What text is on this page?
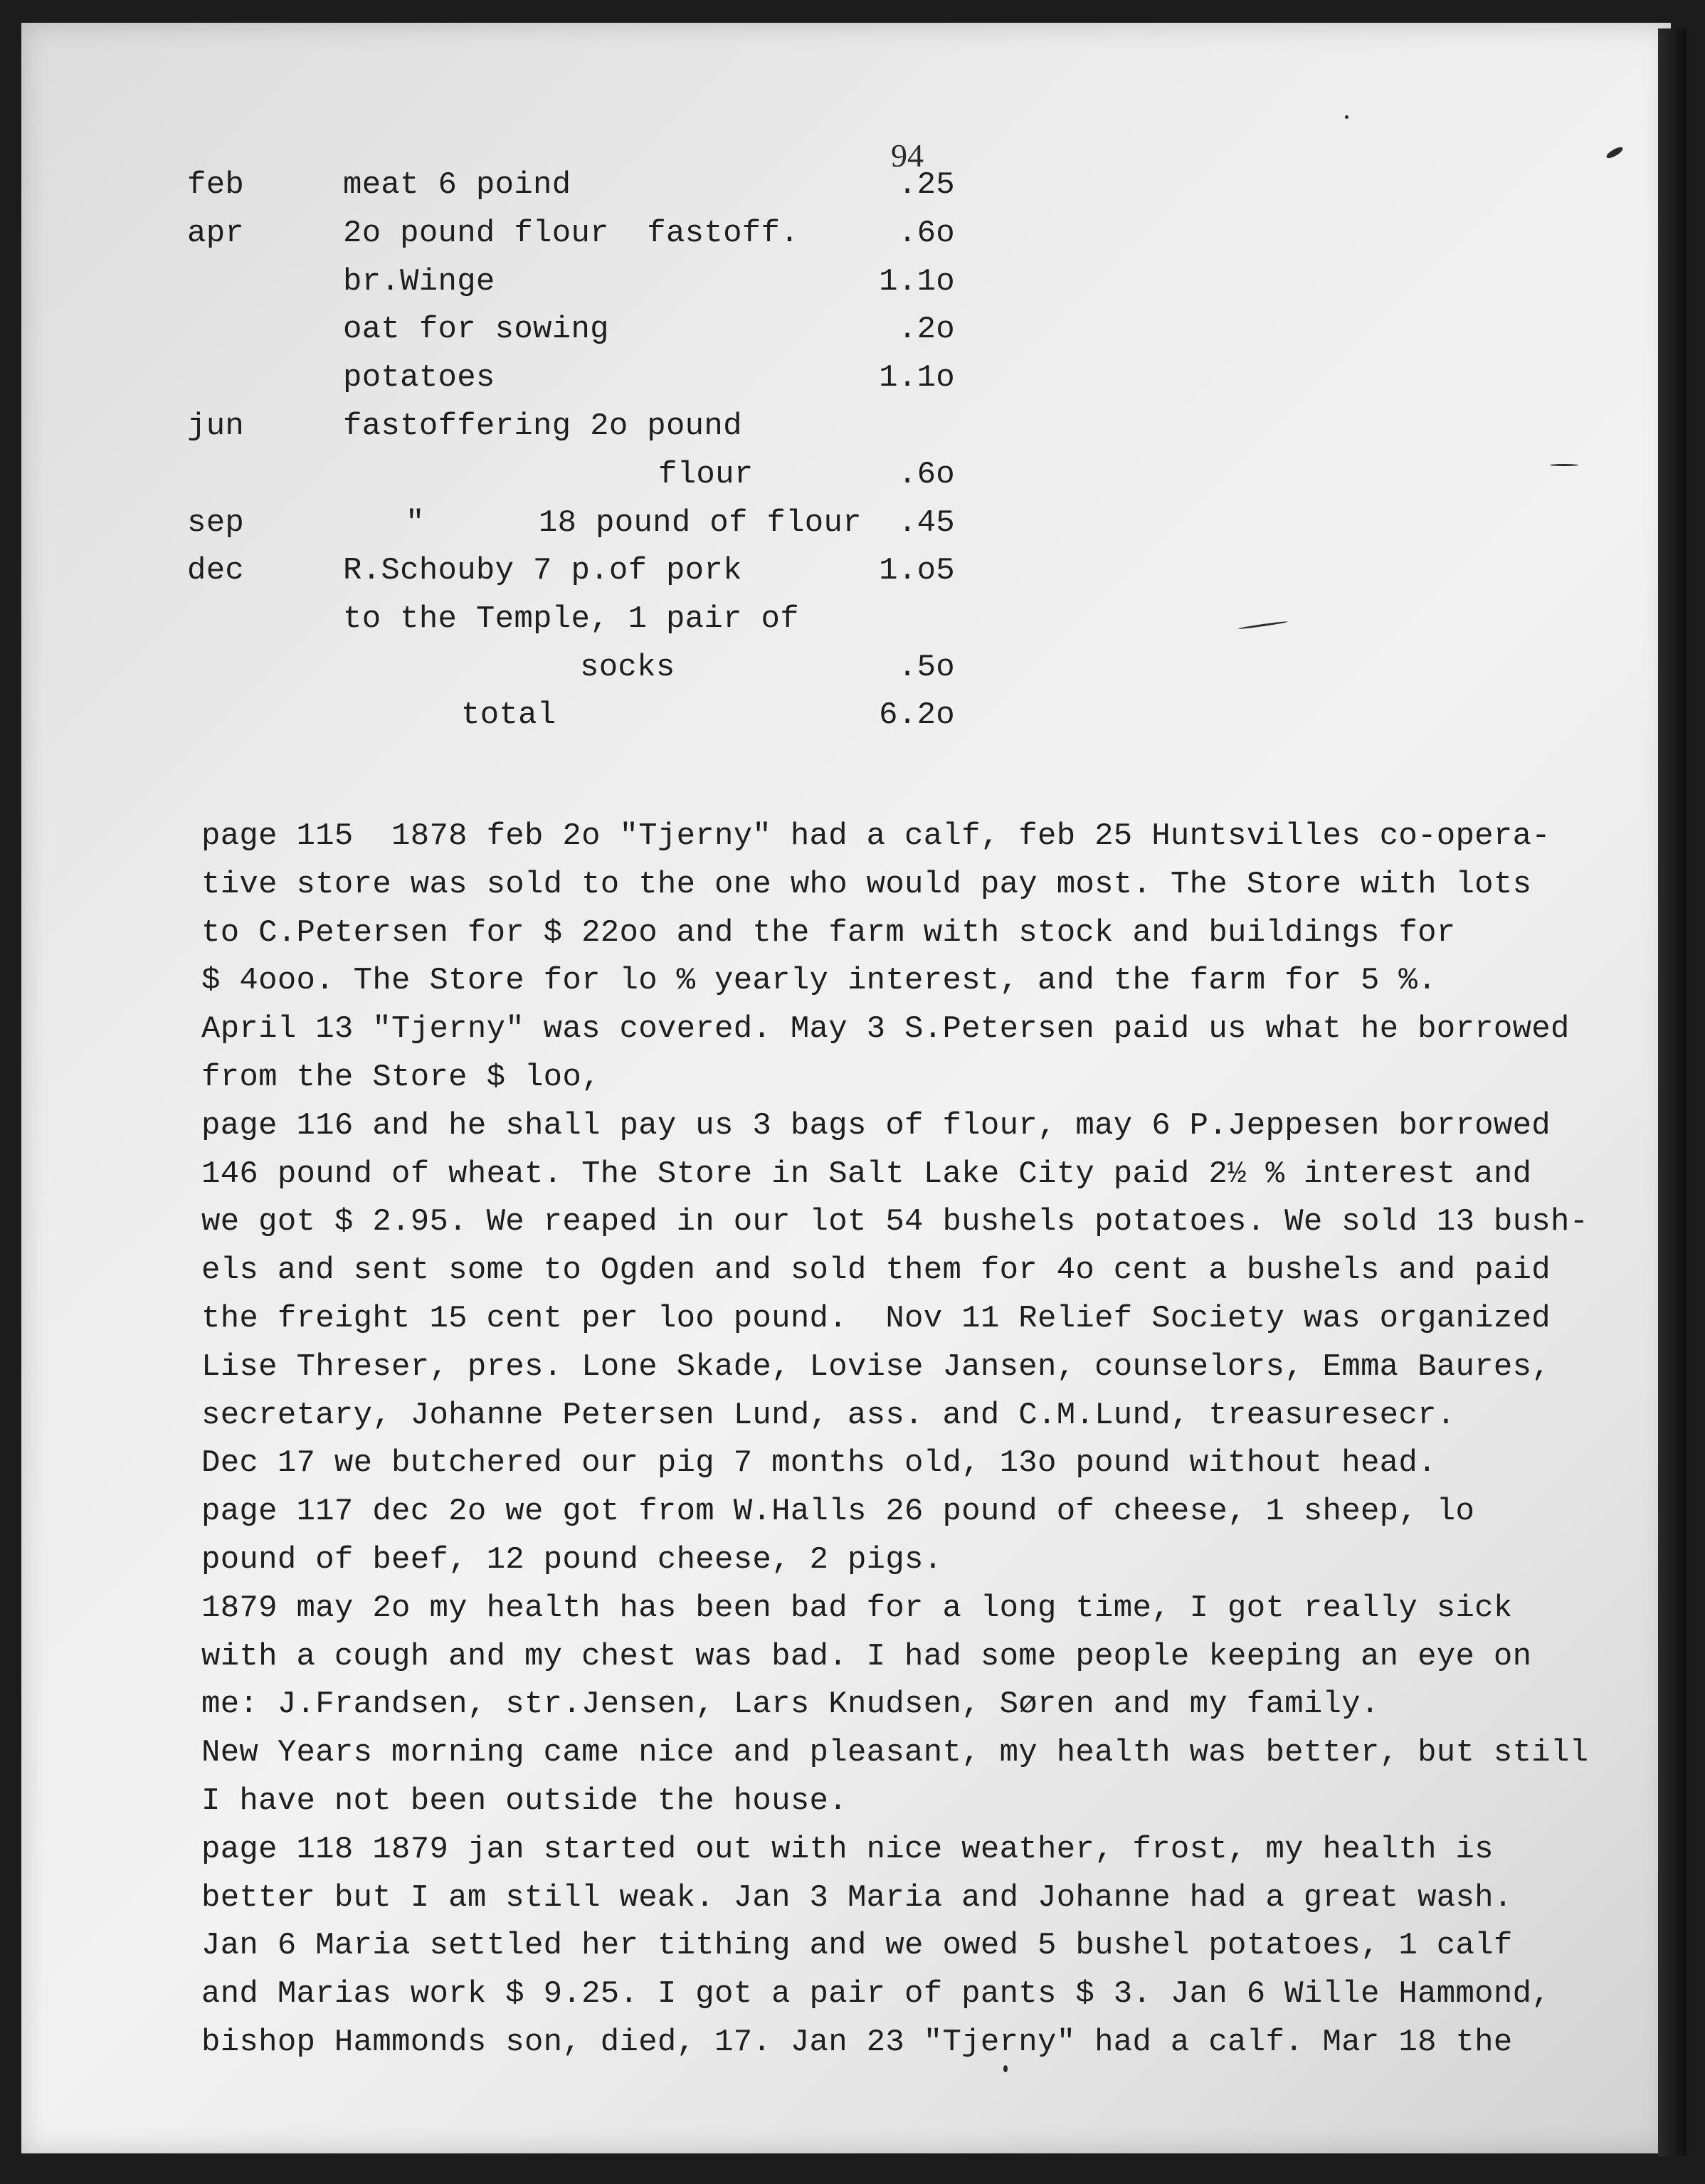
94
feb	meat 6 poind	.25
apr	2o pound flour  fastoff.	.6o
br.Winge	1.1o
oat for sowing	.2o
potatoes	1.1o
jun	fastoffering 2o pound
flour	.6o
sep	"      18 pound of flour	.45
dec	R.Schouby 7 p.of pork	1.o5
to the Temple, 1 pair of
socks	.5o
total	6.2o
page 115  1878 feb 2o "Tjerny" had a calf, feb 25 Huntsvilles co-opera-
tive store was sold to the one who would pay most. The Store with lots
to C.Petersen for $ 22oo and the farm with stock and buildings for
$ 4ooo. The Store for lo % yearly interest, and the farm for 5 %.
April 13 "Tjerny" was covered. May 3 S.Petersen paid us what he borrowed
from the Store $ loo,
page 116 and he shall pay us 3 bags of flour, may 6 P.Jeppesen borrowed
146 pound of wheat. The Store in Salt Lake City paid 2½ % interest and
we got $ 2.95. We reaped in our lot 54 bushels potatoes. We sold 13 bush-
els and sent some to Ogden and sold them for 4o cent a bushels and paid
the freight 15 cent per loo pound.  Nov 11 Relief Society was organized
Lise Threser, pres. Lone Skade, Lovise Jansen, counselors, Emma Baures,
secretary, Johanne Petersen Lund, ass. and C.M.Lund, treasuresecr.
Dec 17 we butchered our pig 7 months old, 13o pound without head.
page 117 dec 2o we got from W.Halls 26 pound of cheese, 1 sheep, lo
pound of beef, 12 pound cheese, 2 pigs.
1879 may 2o my health has been bad for a long time, I got really sick
with a cough and my chest was bad. I had some people keeping an eye on
me: J.Frandsen, str.Jensen, Lars Knudsen, Søren and my family.
New Years morning came nice and pleasant, my health was better, but still
I have not been outside the house.
page 118 1879 jan started out with nice weather, frost, my health is
better but I am still weak. Jan 3 Maria and Johanne had a great wash.
Jan 6 Maria settled her tithing and we owed 5 bushel potatoes, 1 calf
and Marias work $ 9.25. I got a pair of pants $ 3. Jan 6 Wille Hammond,
bishop Hammonds son, died, 17. Jan 23 "Tjerny" had a calf. Mar 18 the
